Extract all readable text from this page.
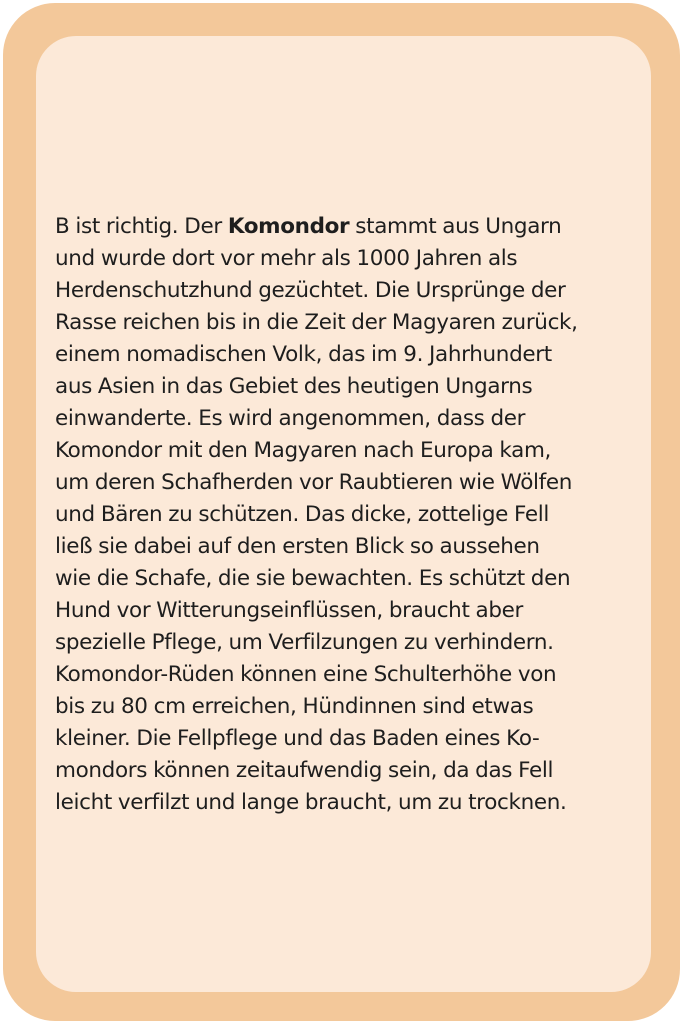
B ist richtig. Der Komondor stammt aus Ungarn
und wurde dort vor mehr als 1000 Jahren als
Herdenschutzhund gezüchtet. Die Ursprünge der
Rasse reichen bis in die Zeit der Magyaren zurück,
einem nomadischen Volk, das im 9. Jahrhundert
aus Asien in das Gebiet des heutigen Ungarns
einwanderte. Es wird angenommen, dass der
Komondor mit den Magyaren nach Europa kam,
um deren Schafherden vor Raubtieren wie Wölfen
und Bären zu schützen. Das dicke, zottelige Fell
ließ sie dabei auf den ersten Blick so aussehen
wie die Schafe, die sie bewachten. Es schützt den
Hund vor Witterungseinflüssen, braucht aber
spezielle Pflege, um Verfilzungen zu verhindern.
Komondor-Rüden können eine Schulterhöhe von
bis zu 80 cm erreichen, Hündinnen sind etwas
kleiner. Die Fellpflege und das Baden eines Ko-
mondors können zeitaufwendig sein, da das Fell
leicht verfilzt und lange braucht, um zu trocknen.
